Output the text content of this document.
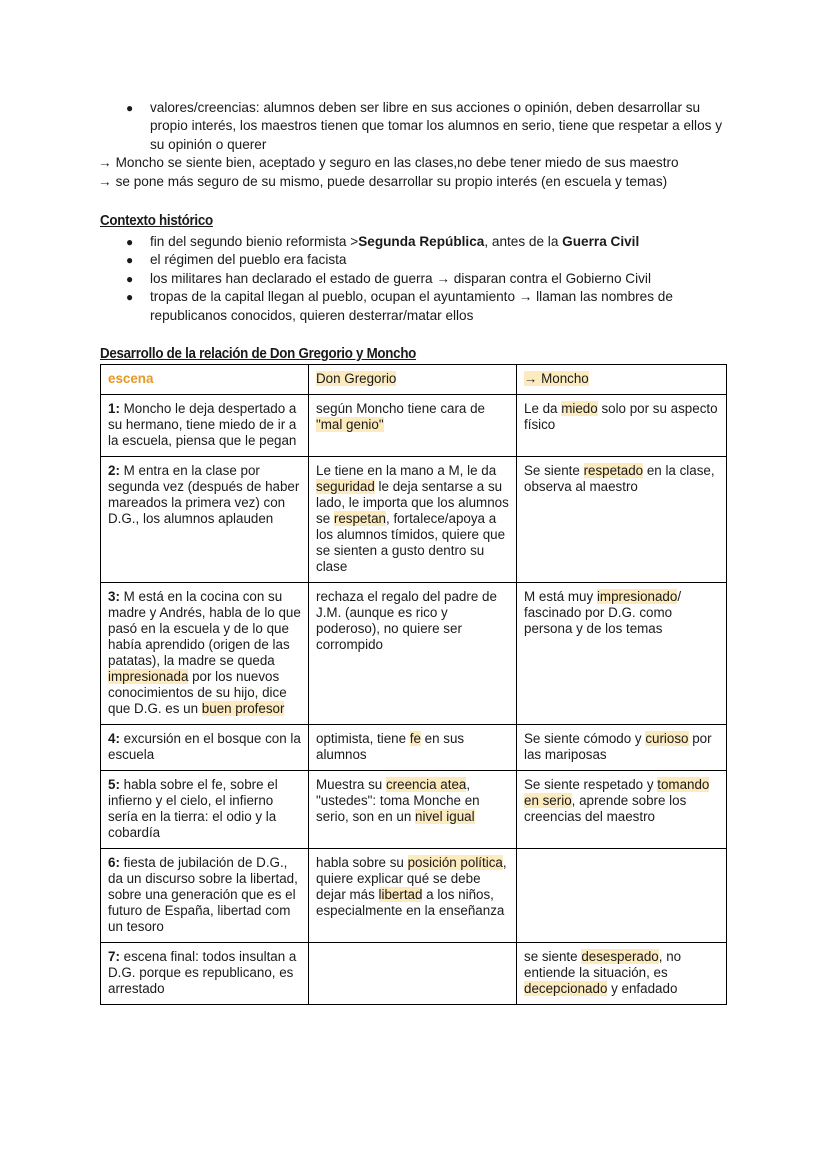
● valores/creencias: alumnos deben ser libre en sus acciones o opinión, deben desarrollar su propio interés, los maestros tienen que tomar los alumnos en serio, tiene que respetar a ellos y su opinión o querer
→ Moncho se siente bien, aceptado y seguro en las clases,no debe tener miedo de sus maestro
→ se pone más seguro de su mismo, puede desarrollar su propio interés (en escuela y temas)
Contexto histórico
● fin del segundo bienio reformista >Segunda República, antes de la Guerra Civil
● el régimen del pueblo era facista
● los militares han declarado el estado de guerra → disparan contra el Gobierno Civil
● tropas de la capital llegan al pueblo, ocupan el ayuntamiento → llaman las nombres de republicanos conocidos, quieren desterrar/matar ellos
Desarrollo de la relación de Don Gregorio y Moncho
escena	Don Gregorio	→ Moncho
1: Moncho le deja despertado a su hermano, tiene miedo de ir a la escuela, piensa que le pegan	según Moncho tiene cara de "mal genio"	Le da miedo solo por su aspecto físico
2: M entra en la clase por segunda vez (después de haber mareados la primera vez) con D.G., los alumnos aplauden	Le tiene en la mano a M, le da seguridad le deja sentarse a su lado, le importa que los alumnos se respetan, fortalece/apoya a los alumnos tímidos, quiere que se sienten a gusto dentro su clase	Se siente respetado en la clase, observa al maestro
3: M está en la cocina con su madre y Andrés, habla de lo que pasó en la escuela y de lo que había aprendido (origen de las patatas), la madre se queda impresionada por los nuevos conocimientos de su hijo, dice que D.G. es un buen profesor	rechaza el regalo del padre de J.M. (aunque es rico y poderoso), no quiere ser corrompido	M está muy impresionado/ fascinado por D.G. como persona y de los temas
4: excursión en el bosque con la escuela	optimista, tiene fe en sus alumnos	Se siente cómodo y curioso por las mariposas
5: habla sobre el fe, sobre el infierno y el cielo, el infierno sería en la tierra: el odio y la cobardía	Muestra su creencia atea, "ustedes": toma Monche en serio, son en un nivel igual	Se siente respetado y tomando en serio, aprende sobre los creencias del maestro
6: fiesta de jubilación de D.G., da un discurso sobre la libertad, sobre una generación que es el futuro de España, libertad com un tesoro	habla sobre su posición política, quiere explicar qué se debe dejar más libertad a los niños, especialmente en la enseñanza	
7: escena final: todos insultan a D.G. porque es republicano, es arrestado		se siente desesperado, no entiende la situación, es decepcionado y enfadado
